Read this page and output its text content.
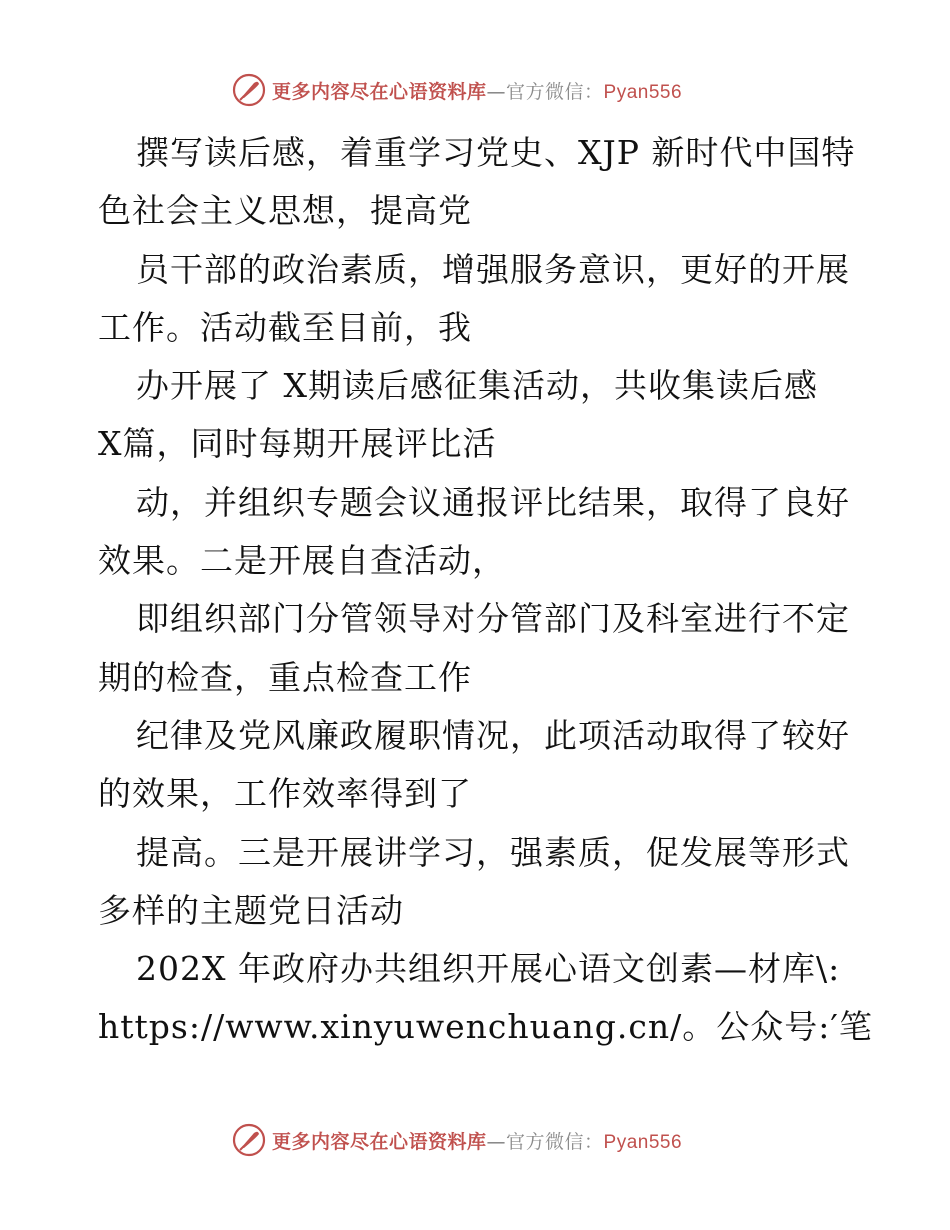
更多内容尽在心语资料库—官方微信：Pyan556
撰写读后感，着重学习党史、XJP 新时代中国特
色社会主义思想，提高党
员干部的政治素质，增强服务意识，更好的开展
工作。活动截至目前，我
办开展了 X期读后感征集活动，共收集读后感
X篇，同时每期开展评比活
动，并组织专题会议通报评比结果，取得了良好
效果。二是开展自查活动，
即组织部门分管领导对分管部门及科室进行不定
期的检查，重点检查工作
纪律及党风廉政履职情况，此项活动取得了较好
的效果，工作效率得到了
提高。三是开展讲学习，强素质，促发展等形式
多样的主题党日活动
202X 年政府办共组织开展心语文创素—材库\:
https://www.xinyuwenchuang.cn/。公众号:′笔
更多内容尽在心语资料库—官方微信：Pyan556
